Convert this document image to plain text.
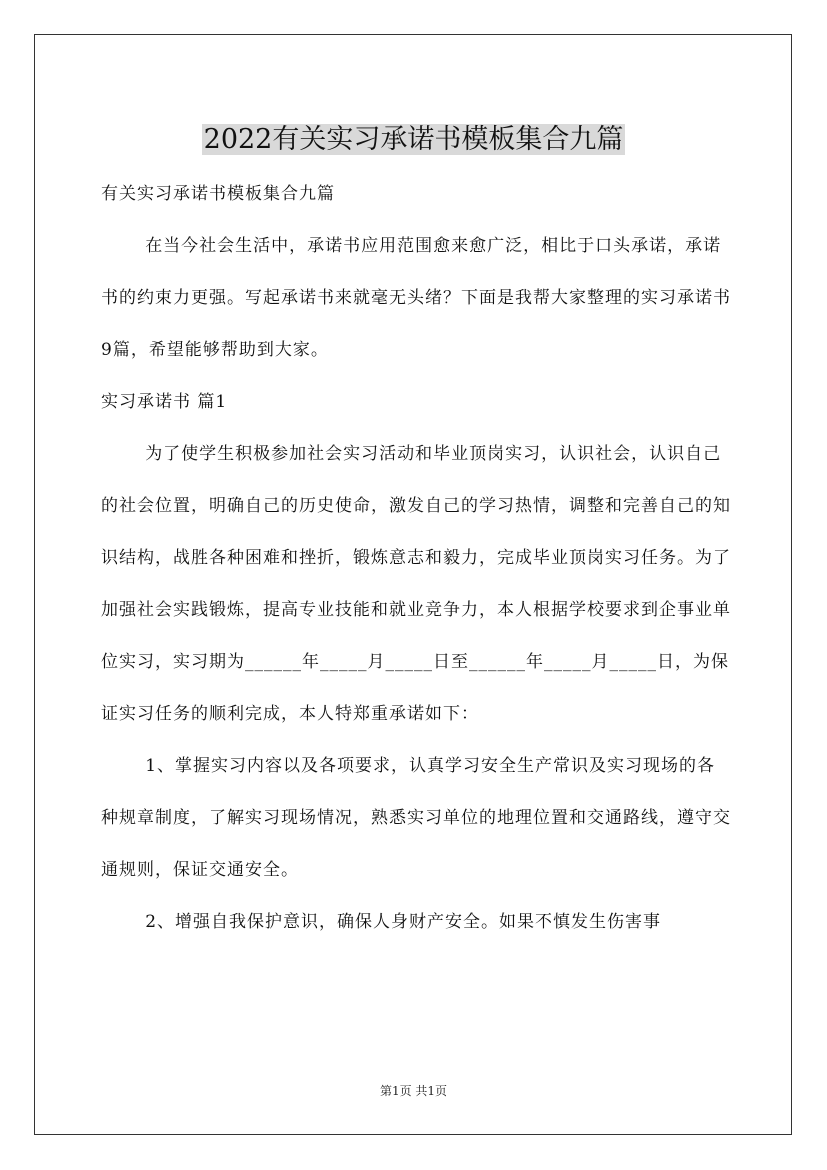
2022有关实习承诺书模板集合九篇

有关实习承诺书模板集合九篇

在当今社会生活中，承诺书应用范围愈来愈广泛，相比于口头承诺，承诺书的约束力更强。写起承诺书来就毫无头绪？下面是我帮大家整理的实习承诺书9篇，希望能够帮助到大家。

实习承诺书 篇1

为了使学生积极参加社会实习活动和毕业顶岗实习，认识社会，认识自己的社会位置，明确自己的历史使命，激发自己的学习热情，调整和完善自己的知识结构，战胜各种困难和挫折，锻炼意志和毅力，完成毕业顶岗实习任务。为了加强社会实践锻炼，提高专业技能和就业竞争力，本人根据学校要求到企事业单位实习，实习期为______年_____月_____日至______年_____月_____日，为保证实习任务的顺利完成，本人特郑重承诺如下：

1、掌握实习内容以及各项要求，认真学习安全生产常识及实习现场的各种规章制度，了解实习现场情况，熟悉实习单位的地理位置和交通路线，遵守交通规则，保证交通安全。

2、增强自我保护意识，确保人身财产安全。如果不慎发生伤害事

第1页 共1页
